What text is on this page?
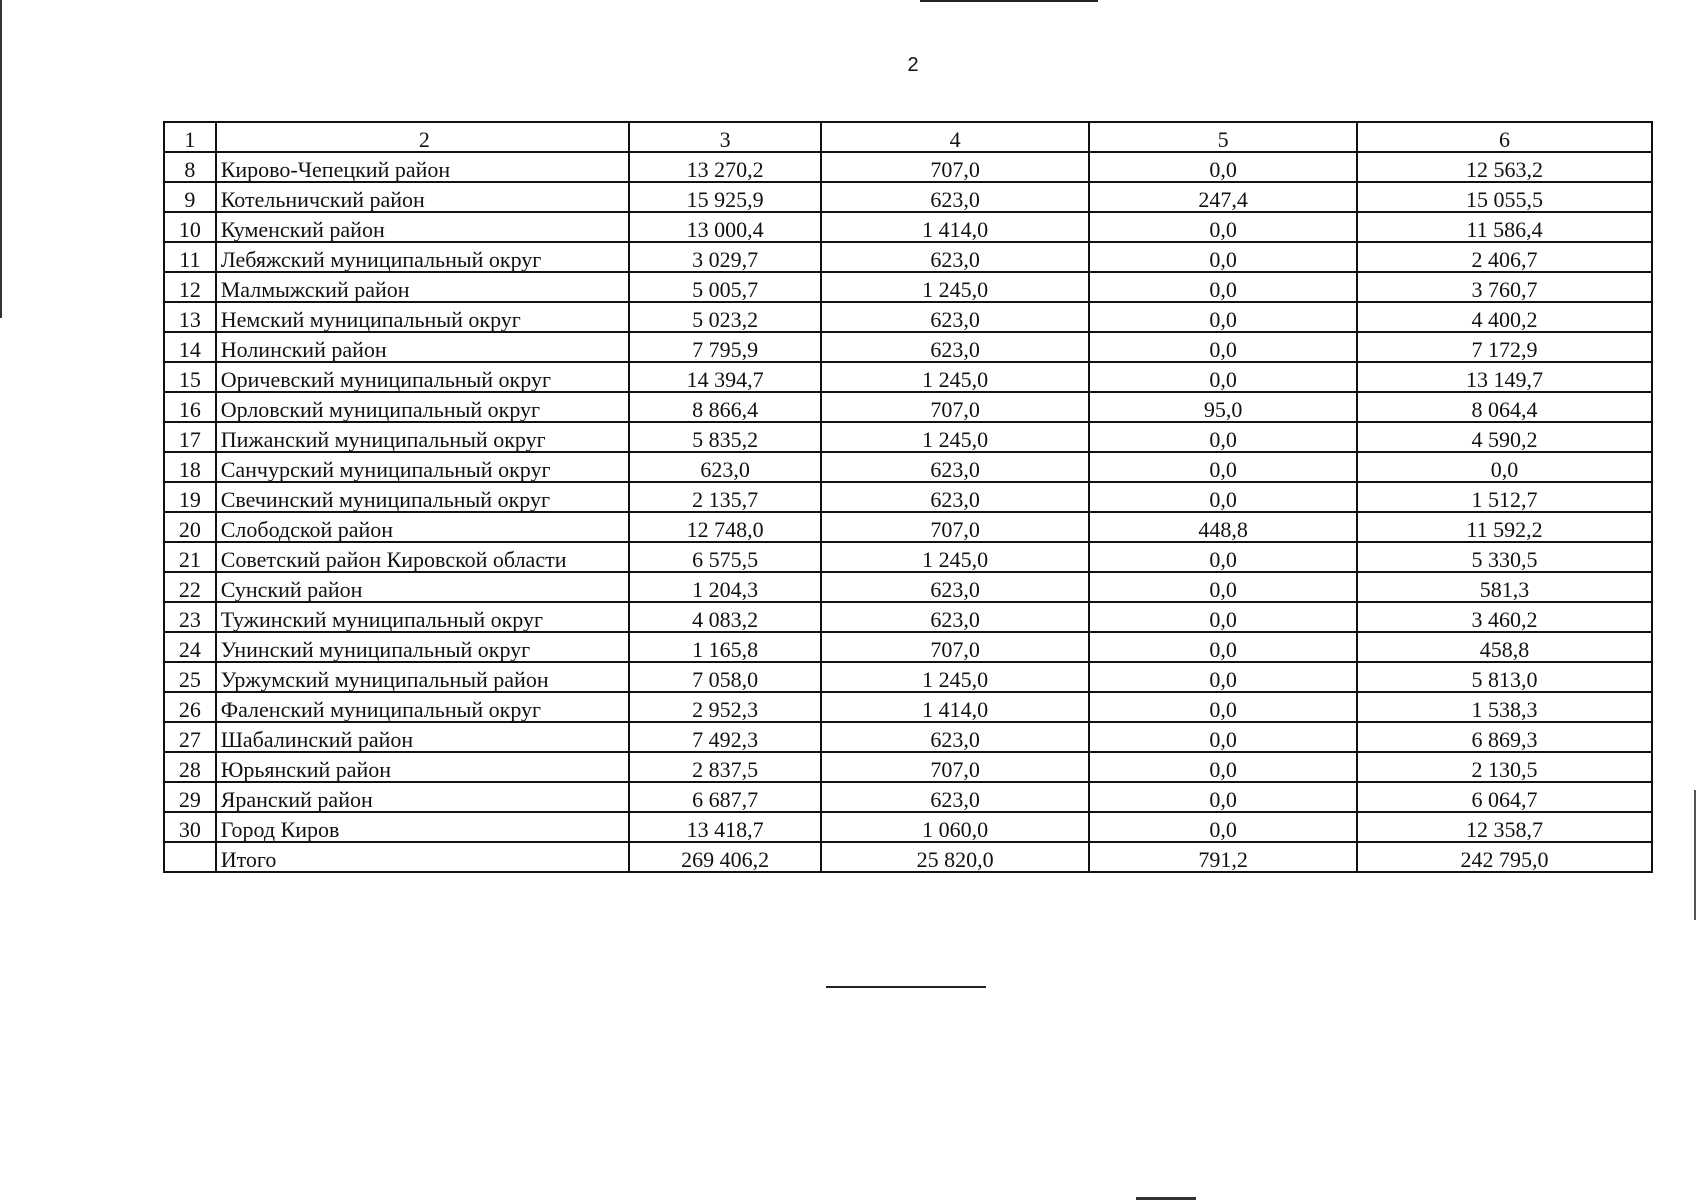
2
1	2	3	4	5	6
8	Кирово-Чепецкий район	13 270,2	707,0	0,0	12 563,2
9	Котельничский район	15 925,9	623,0	247,4	15 055,5
10	Куменский район	13 000,4	1 414,0	0,0	11 586,4
11	Лебяжский муниципальный округ	3 029,7	623,0	0,0	2 406,7
12	Малмыжский район	5 005,7	1 245,0	0,0	3 760,7
13	Немский муниципальный округ	5 023,2	623,0	0,0	4 400,2
14	Нолинский район	7 795,9	623,0	0,0	7 172,9
15	Оричевский муниципальный округ	14 394,7	1 245,0	0,0	13 149,7
16	Орловский муниципальный округ	8 866,4	707,0	95,0	8 064,4
17	Пижанский муниципальный округ	5 835,2	1 245,0	0,0	4 590,2
18	Санчурский муниципальный округ	623,0	623,0	0,0	0,0
19	Свечинский муниципальный округ	2 135,7	623,0	0,0	1 512,7
20	Слободской район	12 748,0	707,0	448,8	11 592,2
21	Советский район Кировской области	6 575,5	1 245,0	0,0	5 330,5
22	Сунский район	1 204,3	623,0	0,0	581,3
23	Тужинский муниципальный округ	4 083,2	623,0	0,0	3 460,2
24	Унинский муниципальный округ	1 165,8	707,0	0,0	458,8
25	Уржумский муниципальный район	7 058,0	1 245,0	0,0	5 813,0
26	Фаленский муниципальный округ	2 952,3	1 414,0	0,0	1 538,3
27	Шабалинский район	7 492,3	623,0	0,0	6 869,3
28	Юрьянский район	2 837,5	707,0	0,0	2 130,5
29	Яранский район	6 687,7	623,0	0,0	6 064,7
30	Город Киров	13 418,7	1 060,0	0,0	12 358,7
	Итого	269 406,2	25 820,0	791,2	242 795,0
